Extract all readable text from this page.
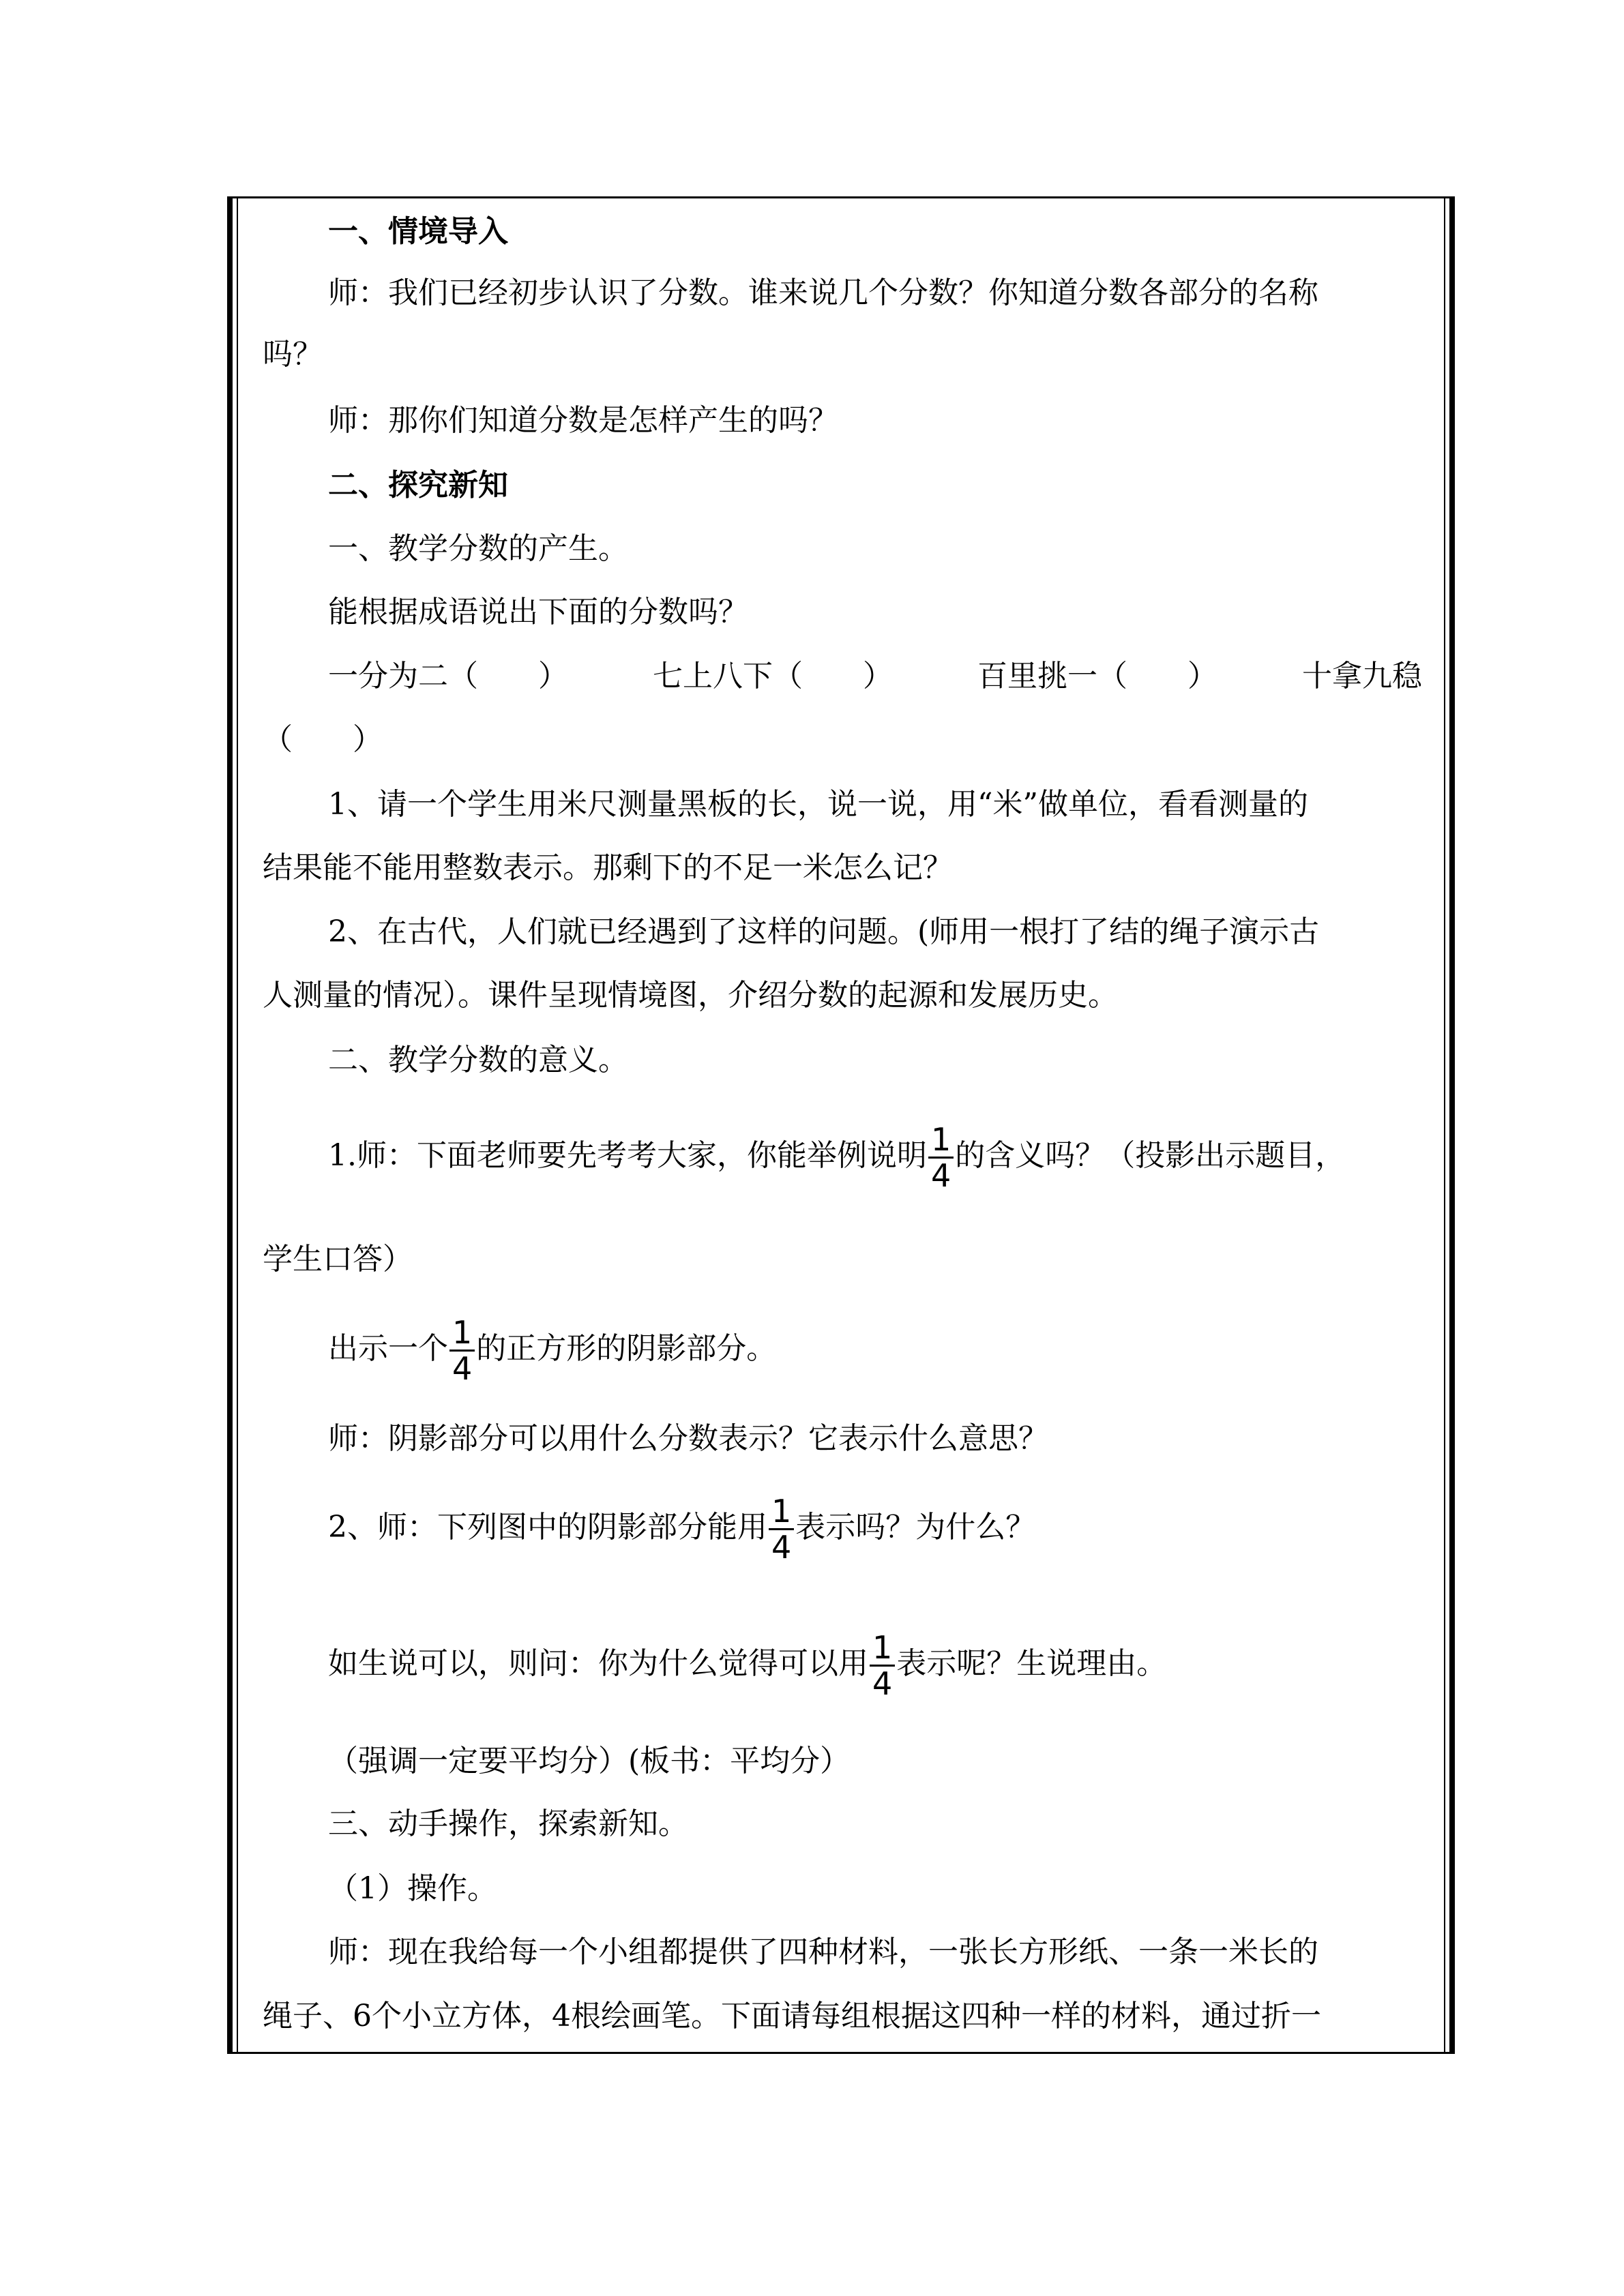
一、情境导入
师：我们已经初步认识了分数。谁来说几个分数？你知道分数各部分的名称
吗？
师：那你们知道分数是怎样产生的吗？
二、探究新知
一、教学分数的产生。
能根据成语说出下面的分数吗？
一分为二（　　）	七上八下（　　）	百里挑一（　　）	十拿九稳
（　　）
1、请一个学生用米尺测量黑板的长，说一说，用“米”做单位，看看测量的
结果能不能用整数表示。那剩下的不足一米怎么记？
2、在古代，人们就已经遇到了这样的问题。(师用一根打了结的绳子演示古
人测量的情况）。课件呈现情境图，介绍分数的起源和发展历史。
二、教学分数的意义。
1.师：下面老师要先考考大家，你能举例说明 $\frac{1}{4}$ 的含义吗？（投影出示题目，
学生口答）
出示一个 $\frac{1}{4}$ 的正方形的阴影部分。
师：阴影部分可以用什么分数表示？它表示什么意思？
2、师：下列图中的阴影部分能用 $\frac{1}{4}$ 表示吗？为什么？
如生说可以，则问：你为什么觉得可以用 $\frac{1}{4}$ 表示呢？生说理由。
（强调一定要平均分）(板书：平均分）
三、动手操作，探索新知。
（1）操作。
师：现在我给每一个小组都提供了四种材料，一张长方形纸、一条一米长的
绳子、6个小立方体，4根绘画笔。下面请每组根据这四种一样的材料，通过折一
